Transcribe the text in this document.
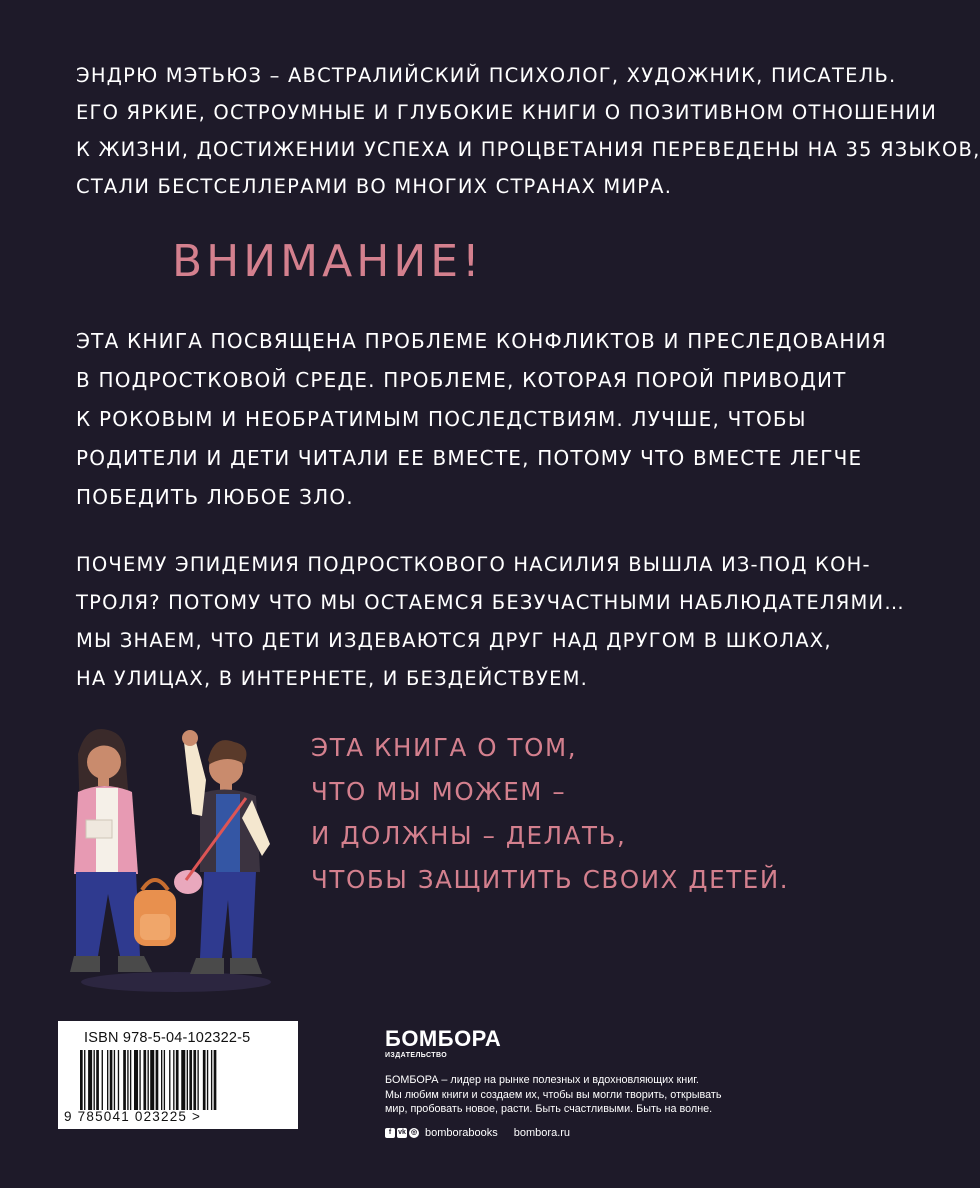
ЭНДРЮ МЭТЬЮЗ – АВСТРАЛИЙСКИЙ ПСИХОЛОГ, ХУДОЖНИК, ПИСАТЕЛЬ.
ЕГО ЯРКИЕ, ОСТРОУМНЫЕ И ГЛУБОКИЕ КНИГИ О ПОЗИТИВНОМ ОТНОШЕНИИ
К ЖИЗНИ, ДОСТИЖЕНИИ УСПЕХА И ПРОЦВЕТАНИЯ ПЕРЕВЕДЕНЫ НА 35 ЯЗЫКОВ,
СТАЛИ БЕСТСЕЛЛЕРАМИ ВО МНОГИХ СТРАНАХ МИРА.
ВНИМАНИЕ!
ЭТА КНИГА ПОСВЯЩЕНА ПРОБЛЕМЕ КОНФЛИКТОВ И ПРЕСЛЕДОВАНИЯ
В ПОДРОСТКОВОЙ СРЕДЕ. ПРОБЛЕМЕ, КОТОРАЯ ПОРОЙ ПРИВОДИТ
К РОКОВЫМ И НЕОБРАТИМЫМ ПОСЛЕДСТВИЯМ. ЛУЧШЕ, ЧТОБЫ
РОДИТЕЛИ И ДЕТИ ЧИТАЛИ ЕЕ ВМЕСТЕ, ПОТОМУ ЧТО ВМЕСТЕ ЛЕГЧЕ
ПОБЕДИТЬ ЛЮБОЕ ЗЛО.
ПОЧЕМУ ЭПИДЕМИЯ ПОДРОСТКОВОГО НАСИЛИЯ ВЫШЛА ИЗ-ПОД КОН-
ТРОЛЯ? ПОТОМУ ЧТО МЫ ОСТАЕМСЯ БЕЗУЧАСТНЫМИ НАБЛЮДАТЕЛЯМИ…
МЫ ЗНАЕМ, ЧТО ДЕТИ ИЗДЕВАЮТСЯ ДРУГ НАД ДРУГОМ В ШКОЛАХ,
НА УЛИЦАХ, В ИНТЕРНЕТЕ, И БЕЗДЕЙСТВУЕМ.
ЭТА КНИГА О ТОМ,
ЧТО МЫ МОЖЕМ –
И ДОЛЖНЫ – ДЕЛАТЬ,
ЧТОБЫ ЗАЩИТИТЬ СВОИХ ДЕТЕЙ.
ISBN 978-5-04-102322-5
9 785041 023225 >
БОМБОРА
ИЗДАТЕЛЬСТВО
БОМБОРА – лидер на рынке полезных и вдохновляющих книг.
Мы любим книги и создаем их, чтобы вы могли творить, открывать
мир, пробовать новое, расти. Быть счастливыми. Быть на волне.
f vk ◎ bomborabooks bombora.ru
